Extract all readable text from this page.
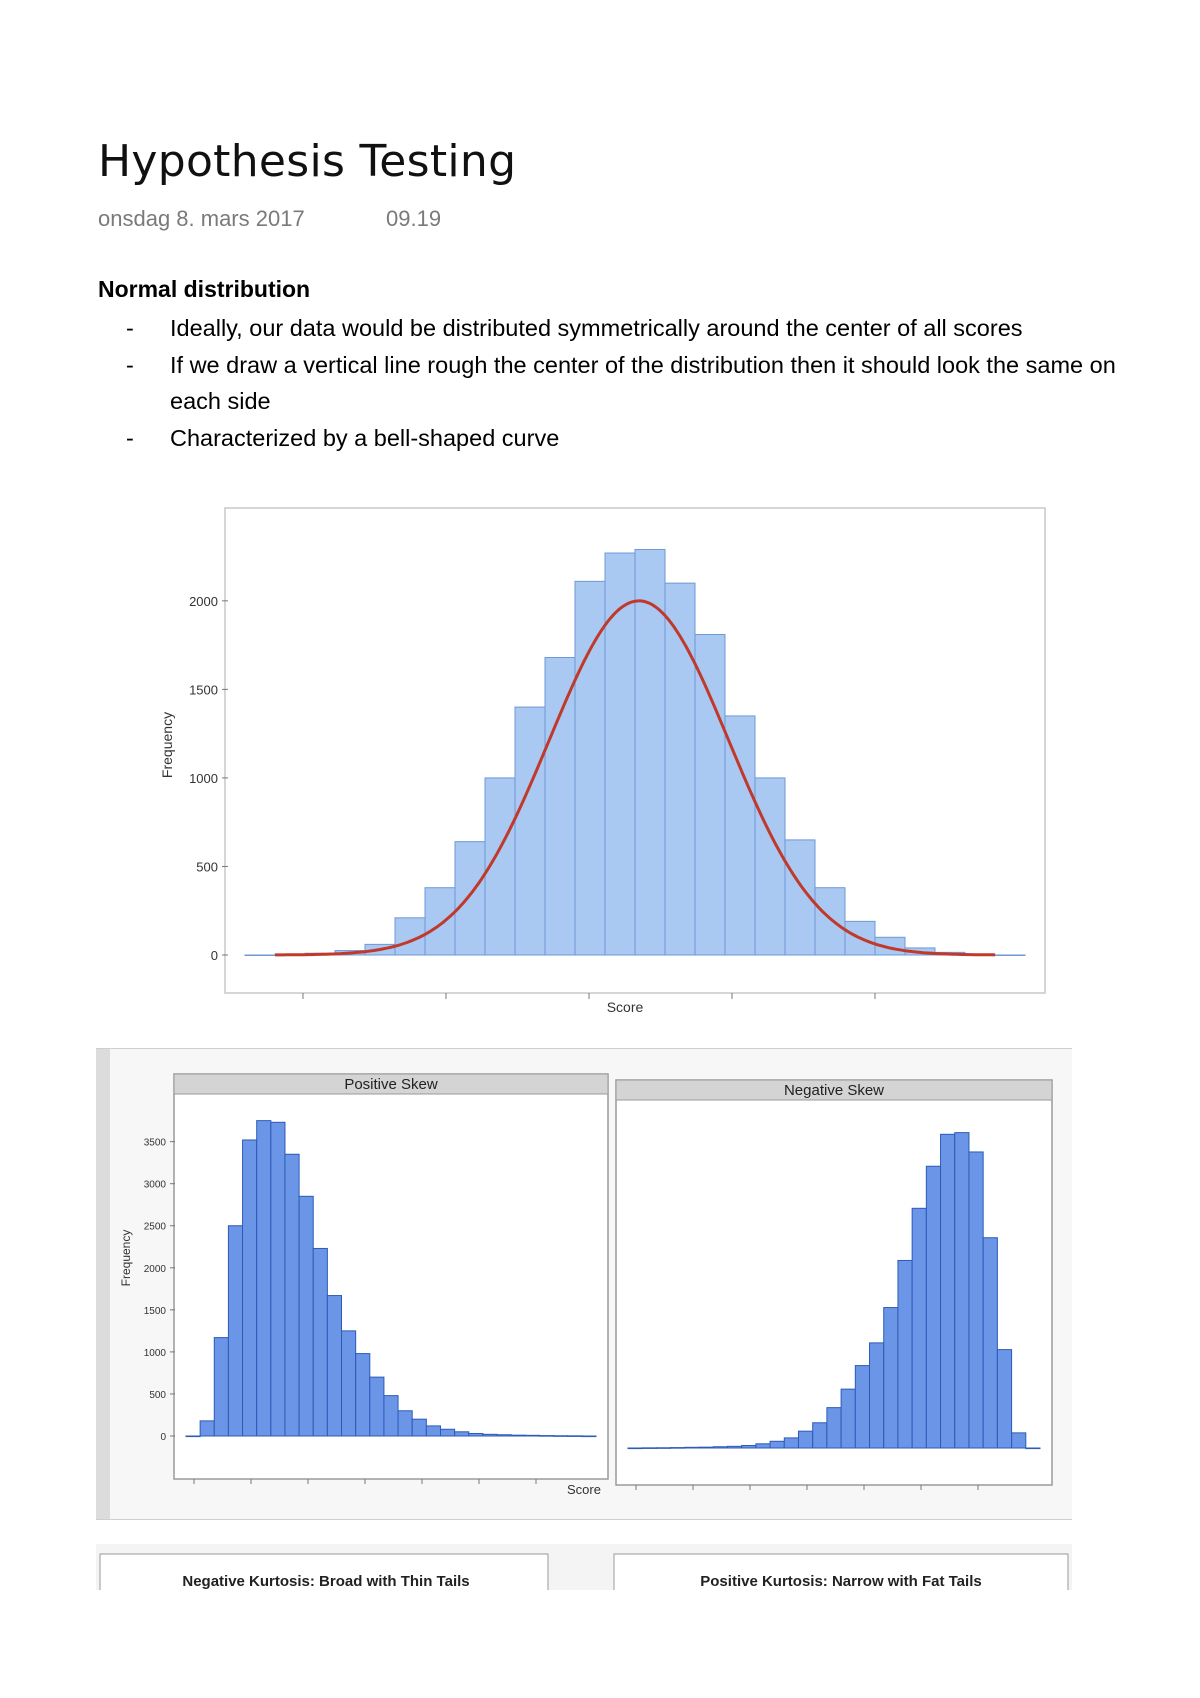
Hypothesis Testing
onsdag 8. mars 2017	09.19
Normal distribution
- Ideally, our data would be distributed symmetrically around the center of all scores
- If we draw a vertical line rough the center of the distribution then it should look the same on each side
- Characterized by a bell-shaped curve
0
500
1000
1500
2000
Score
Frequency
Positive Skew	Negative Skew
0
500
1000
1500
2000
2500
3000
3500
Score
Frequency
Negative Kurtosis: Broad with Thin Tails	Positive Kurtosis: Narrow with Fat Tails
